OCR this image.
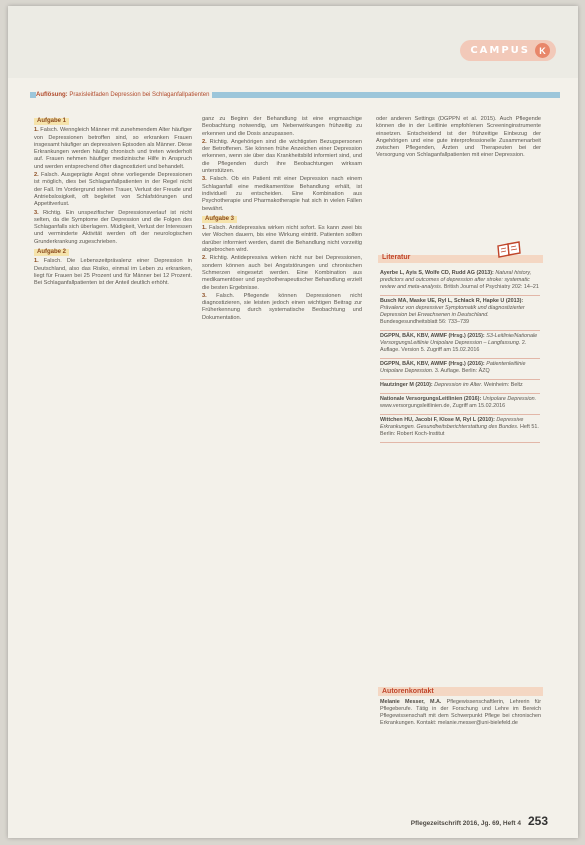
CAMPUS	K
Auflösung: Praxisleitfaden Depression bei Schlaganfallpatienten
Aufgabe 1

1. Falsch. Wenngleich Männer mit zunehmendem Alter häufiger von Depressionen betroffen sind, so erkranken Frauen insgesamt häufiger an depressiven Episoden als Männer. Diese Erkrankungen werden häufig chronisch und treten wiederholt auf. Frauen nehmen häufiger medizinische Hilfe in Anspruch und werden entsprechend öfter diagnostiziert und behandelt.

2. Falsch. Ausgeprägte Angst ohne vorliegende Depressionen ist möglich, dies bei Schlaganfallpatienten in der Regel nicht der Fall. Im Vordergrund stehen Trauer, Verlust der Freude und Antriebslosigkeit, oft begleitet von Schlafstörungen und Appetitverlust.

3. Richtig. Ein unspezifischer Depressionsverlauf ist nicht selten, da die Symptome der Depression und die Folgen des Schlaganfalls sich überlagern. Müdigkeit, Verlust der Interessen und verminderte Aktivität werden oft der neurologischen Grunderkrankung zugeschrieben.

Aufgabe 2

1. Falsch. Die Lebenszeitprävalenz einer Depression in Deutschland, also das Risiko, einmal im Leben zu erkranken, liegt für Frauen bei 25 Prozent und für Männer bei 12 Prozent. Bei Schlaganfallpatienten ist der Anteil deutlich erhöht.

ganz zu Beginn der Behandlung ist eine engmaschige Beobachtung notwendig, um Nebenwirkungen frühzeitig zu erkennen und die Dosis anzupassen.

2. Richtig. Angehörigen sind die wichtigsten Bezugspersonen der Betroffenen. Sie können frühe Anzeichen einer Depression erkennen, wenn sie über das Krankheitsbild informiert sind, und die Pflegenden durch ihre Beobachtungen wirksam unterstützen.

3. Falsch. Ob ein Patient mit einer Depression nach einem Schlaganfall eine medikamentöse Behandlung erhält, ist individuell zu entscheiden. Eine Kombination aus Psychotherapie und Pharmakotherapie hat sich in vielen Fällen bewährt.

Aufgabe 3

1. Falsch. Antidepressiva wirken nicht sofort. Es kann zwei bis vier Wochen dauern, bis eine Wirkung eintritt. Patienten sollten darüber informiert werden, damit die Behandlung nicht vorzeitig abgebrochen wird.

2. Richtig. Antidepressiva wirken nicht nur bei Depressionen, sondern können auch bei Angststörungen und chronischen Schmerzen eingesetzt werden. Eine Kombination aus medikamentöser und psychotherapeutischer Behandlung erzielt die besten Ergebnisse.

3. Falsch. Pflegende können Depressionen nicht diagnostizieren, sie leisten jedoch einen wichtigen Beitrag zur Früherkennung durch systematische Beobachtung und Dokumentation.

oder anderen Settings (DGPPN et al. 2015). Auch Pflegende können die in der Leitlinie empfohlenen Screeninginstrumente einsetzen. Entscheidend ist der frühzeitige Einbezug der Angehörigen und eine gute interprofessionelle Zusammenarbeit zwischen Pflegenden, Ärzten und Therapeuten bei der Versorgung von Schlaganfallpatienten mit einer Depression.

Literatur
Ayerbe L, Ayis S, Wolfe CD, Rudd AG (2013): Natural history, predictors and outcomes of depression after stroke: systematic review and meta-analysis. British Journal of Psychiatry 202: 14–21
Busch MA, Maske UE, Ryl L, Schlack R, Hapke U (2013): Prävalenz von depressiver Symptomatik und diagnostizierter Depression bei Erwachsenen in Deutschland. Bundesgesundheitsblatt 56: 733–739
DGPPN, BÄK, KBV, AWMF (Hrsg.) (2015): S3-Leitlinie/Nationale VersorgungsLeitlinie Unipolare Depression – Langfassung. 2. Auflage. Version 5. Zugriff am 15.02.2016
DGPPN, BÄK, KBV, AWMF (Hrsg.) (2016): Patientenleitlinie Unipolare Depression. 3. Auflage. Berlin: ÄZQ
Hautzinger M (2010): Depression im Alter. Weinheim: Beltz
Nationale VersorgungsLeitlinien (2016): Unipolare Depression. www.versorgungsleitlinien.de, Zugriff am 15.02.2016
Wittchen HU, Jacobi F, Klose M, Ryl L (2010): Depressive Erkrankungen. Gesundheitsberichterstattung des Bundes. Heft 51. Berlin: Robert Koch-Institut
Autorenkontakt
Melanie Messer, M.A. Pflegewissenschaftlerin, Lehrerin für Pflegeberufe. Tätig in der Forschung und Lehre im Bereich Pflegewissenschaft mit dem Schwerpunkt Pflege bei chronischen Erkrankungen. Kontakt: melanie.messer@uni-bielefeld.de
Pflegezeitschrift 2016, Jg. 69, Heft 4 253
